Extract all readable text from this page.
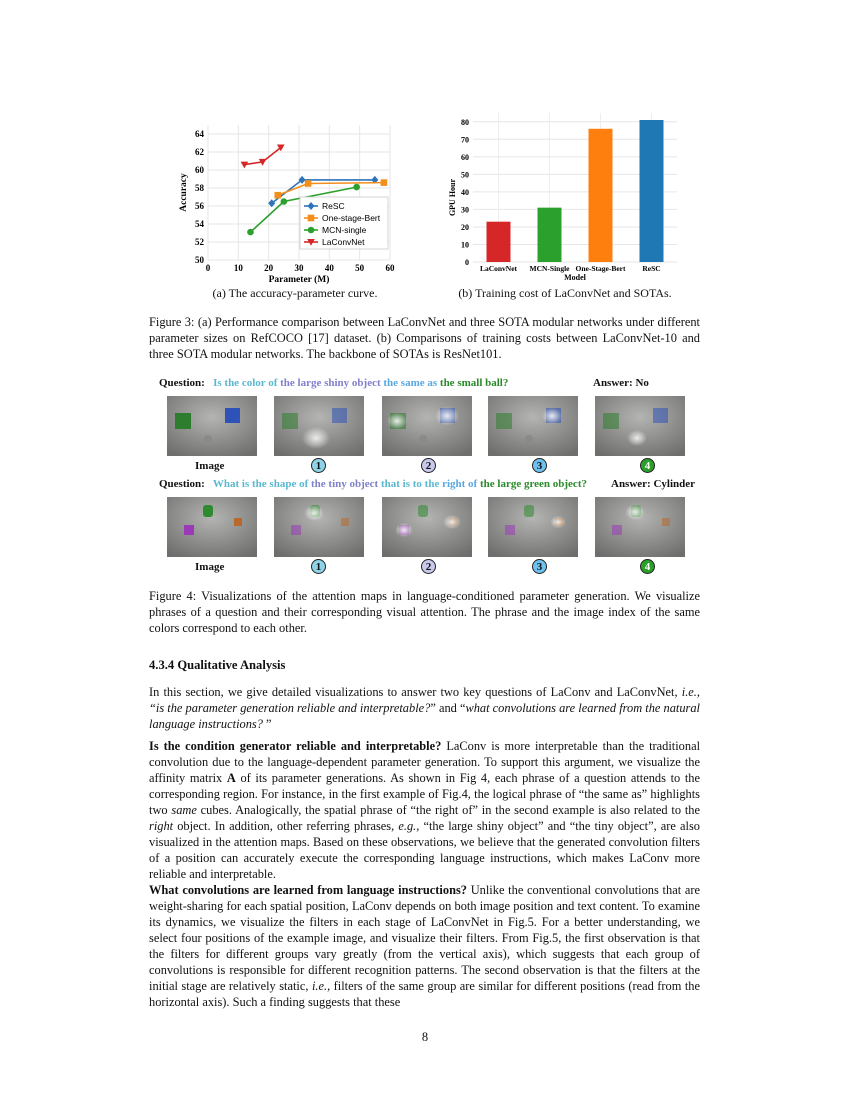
0	10 20 30 40 50 60
50
52
54
56
58
60
62
64
Parameter (M)
Accuracy	ReSC
One-stage-Bert
MCN-single
LaConvNet
0
10
20
30
40
50
60
70
80
LaConvNet MCN-Single One-Stage-Bert ReSC
Model
GPU Hour
(a) The accuracy-parameter curve.	(b) Training cost of LaConvNet and SOTAs.
Figure 3: (a) Performance comparison between LaConvNet and three SOTA modular networks under different parameter sizes on RefCOCO [17] dataset. (b) Comparisons of training costs between LaConvNet-10 and three SOTA modular networks. The backbone of SOTAs is ResNet101.
Question: Is the color of the large shiny object the same as the small ball?	Answer: No
Image	1	2	3	4
Question: What is the shape of the tiny object that is to the right of the large green object? Answer: Cylinder
Image	1	2	3	4
Figure 4: Visualizations of the attention maps in language-conditioned parameter generation. We visualize phrases of a question and their corresponding visual attention. The phrase and the image index of the same colors correspond to each other.
4.3.4 Qualitative Analysis
In this section, we give detailed visualizations to answer two key questions of LaConv and LaConvNet, i.e., “is the parameter generation reliable and interpretable?” and “what convolutions are learned from the natural language instructions? ”
Is the condition generator reliable and interpretable? LaConv is more interpretable than the traditional convolution due to the language-dependent parameter generation. To support this argument, we visualize the affinity matrix A of its parameter generations. As shown in Fig 4, each phrase of a question attends to the corresponding region. For instance, in the first example of Fig.4, the logical phrase of “the same as” highlights two same cubes. Analogically, the spatial phrase of “the right of” in the second example is also related to the right object. In addition, other referring phrases, e.g., “the large shiny object” and “the tiny object”, are also visualized in the attention maps. Based on these observations, we believe that the generated convolution filters of a position can accurately execute the corresponding language instructions, which makes LaConv more reliable and interpretable.
What convolutions are learned from language instructions? Unlike the conventional convolutions that are weight-sharing for each spatial position, LaConv depends on both image position and text content. To examine its dynamics, we visualize the filters in each stage of LaConvNet in Fig.5. For a better understanding, we select four positions of the example image, and visualize their filters. From Fig.5, the first observation is that the filters for different groups vary greatly (from the vertical axis), which suggests that each group of convolutions is responsible for different recognition patterns. The second observation is that the filters at the initial stage are relatively static, i.e., filters of the same group are similar for different positions (read from the horizontal axis). Such a finding suggests that these
8
